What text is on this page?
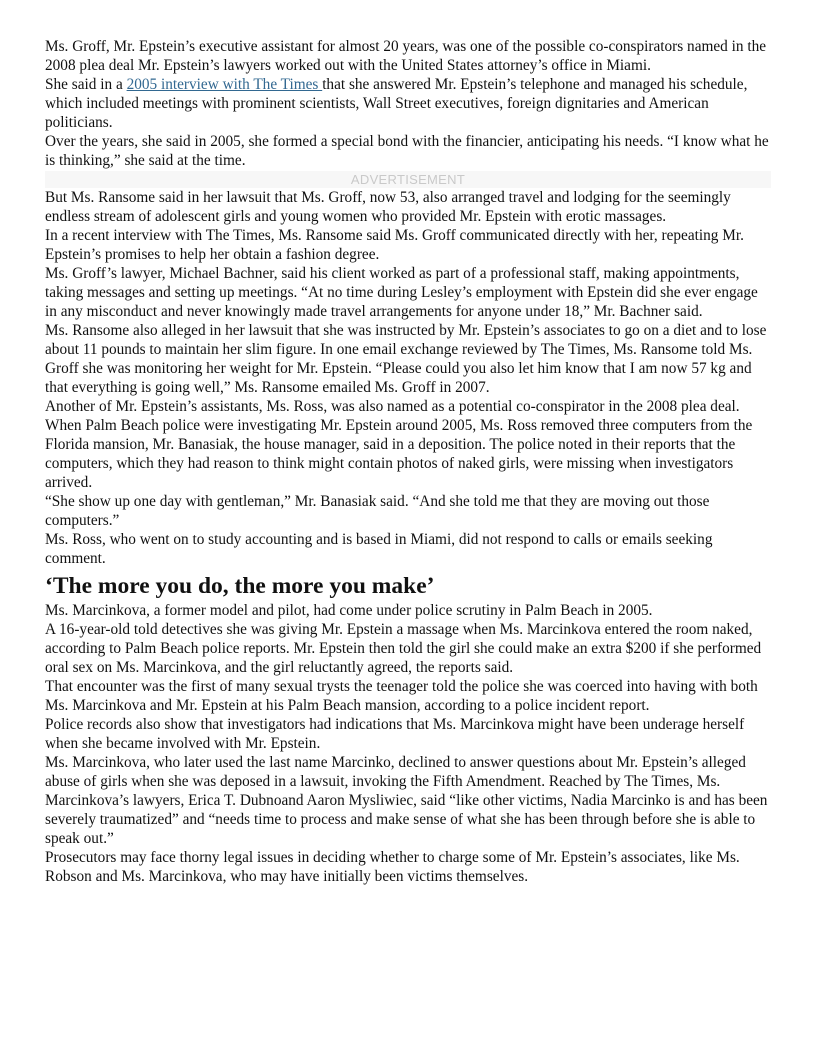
Ms. Groff, Mr. Epstein’s executive assistant for almost 20 years, was one of the possible co-conspirators named in the 2008 plea deal Mr. Epstein’s lawyers worked out with the United States attorney’s office in Miami.

She said in a 2005 interview with The Times that she answered Mr. Epstein’s telephone and managed his schedule, which included meetings with prominent scientists, Wall Street executives, foreign dignitaries and American politicians.

Over the years, she said in 2005, she formed a special bond with the financier, anticipating his needs. “I know what he is thinking,” she said at the time.

ADVERTISEMENT

But Ms. Ransome said in her lawsuit that Ms. Groff, now 53, also arranged travel and lodging for the seemingly endless stream of adolescent girls and young women who provided Mr. Epstein with erotic massages.

In a recent interview with The Times, Ms. Ransome said Ms. Groff communicated directly with her, repeating Mr. Epstein’s promises to help her obtain a fashion degree.

Ms. Groff’s lawyer, Michael Bachner, said his client worked as part of a professional staff, making appointments, taking messages and setting up meetings. “At no time during Lesley’s employment with Epstein did she ever engage in any misconduct and never knowingly made travel arrangements for anyone under 18,” Mr. Bachner said.

Ms. Ransome also alleged in her lawsuit that she was instructed by Mr. Epstein’s associates to go on a diet and to lose about 11 pounds to maintain her slim figure. In one email exchange reviewed by The Times, Ms. Ransome told Ms. Groff she was monitoring her weight for Mr. Epstein. “Please could you also let him know that I am now 57 kg and that everything is going well,” Ms. Ransome emailed Ms. Groff in 2007.

Another of Mr. Epstein’s assistants, Ms. Ross, was also named as a potential co-conspirator in the 2008 plea deal.

When Palm Beach police were investigating Mr. Epstein around 2005, Ms. Ross removed three computers from the Florida mansion, Mr. Banasiak, the house manager, said in a deposition. The police noted in their reports that the computers, which they had reason to think might contain photos of naked girls, were missing when investigators arrived.

“She show up one day with gentleman,” Mr. Banasiak said. “And she told me that they are moving out those computers.”

Ms. Ross, who went on to study accounting and is based in Miami, did not respond to calls or emails seeking comment.

‘The more you do, the more you make’

Ms. Marcinkova, a former model and pilot, had come under police scrutiny in Palm Beach in 2005.

A 16-year-old told detectives she was giving Mr. Epstein a massage when Ms. Marcinkova entered the room naked, according to Palm Beach police reports. Mr. Epstein then told the girl she could make an extra $200 if she performed oral sex on Ms. Marcinkova, and the girl reluctantly agreed, the reports said.

That encounter was the first of many sexual trysts the teenager told the police she was coerced into having with both Ms. Marcinkova and Mr. Epstein at his Palm Beach mansion, according to a police incident report.

Police records also show that investigators had indications that Ms. Marcinkova might have been underage herself when she became involved with Mr. Epstein.

Ms. Marcinkova, who later used the last name Marcinko, declined to answer questions about Mr. Epstein’s alleged abuse of girls when she was deposed in a lawsuit, invoking the Fifth Amendment. Reached by The Times, Ms. Marcinkova’s lawyers, Erica T. Dubnoand Aaron Mysliwiec, said “like other victims, Nadia Marcinko is and has been severely traumatized” and “needs time to process and make sense of what she has been through before she is able to speak out.”

Prosecutors may face thorny legal issues in deciding whether to charge some of Mr. Epstein’s associates, like Ms. Robson and Ms. Marcinkova, who may have initially been victims themselves.
